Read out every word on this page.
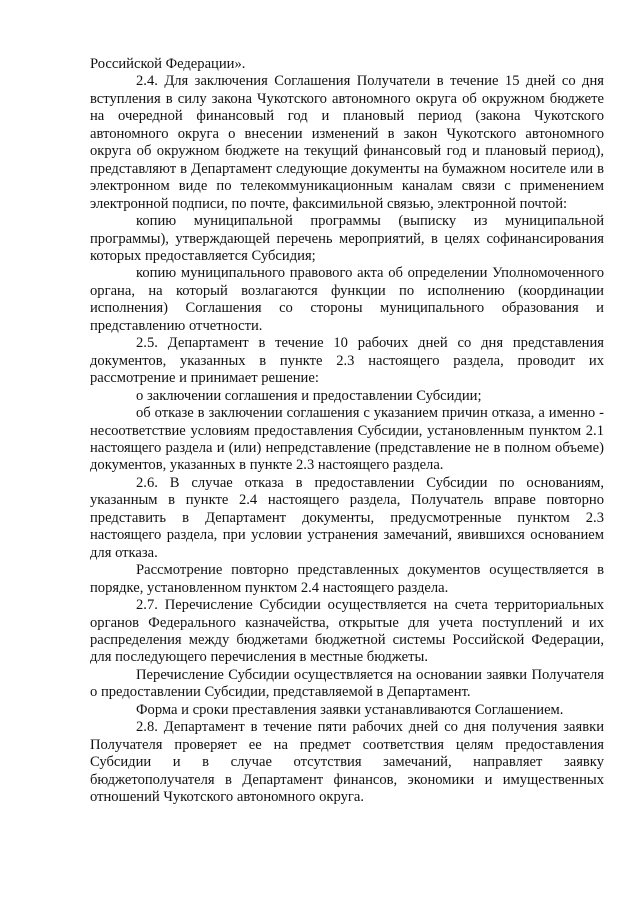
Российской Федерации».

2.4. Для заключения Соглашения Получатели в течение 15 дней со дня вступления в силу закона Чукотского автономного округа об окружном бюджете на очередной финансовый год и плановый период (закона Чукотского автономного округа о внесении изменений в закон Чукотского автономного округа об окружном бюджете на текущий финансовый год и плановый период), представляют в Департамент следующие документы на бумажном носителе или в электронном виде по телекоммуникационным каналам связи с применением электронной подписи, по почте, факсимильной связью, электронной почтой:

копию муниципальной программы (выписку из муниципальной программы), утверждающей перечень мероприятий, в целях софинансирования которых предоставляется Субсидия;

копию муниципального правового акта об определении Уполномоченного органа, на который возлагаются функции по исполнению (координации исполнения) Соглашения со стороны муниципального образования и представлению отчетности.

2.5. Департамент в течение 10 рабочих дней со дня представления документов, указанных в пункте 2.3 настоящего раздела, проводит их рассмотрение и принимает решение:

о заключении соглашения и предоставлении Субсидии;

об отказе в заключении соглашения с указанием причин отказа, а именно - несоответствие условиям предоставления Субсидии, установленным пунктом 2.1 настоящего раздела и (или) непредставление (представление не в полном объеме) документов, указанных в пункте 2.3 настоящего раздела.

2.6. В случае отказа в предоставлении Субсидии по основаниям, указанным в пункте 2.4 настоящего раздела, Получатель вправе повторно представить в Департамент документы, предусмотренные пунктом 2.3 настоящего раздела, при условии устранения замечаний, явившихся основанием для отказа.

Рассмотрение повторно представленных документов осуществляется в порядке, установленном пунктом 2.4 настоящего раздела.

2.7. Перечисление Субсидии осуществляется на счета территориальных органов Федерального казначейства, открытые для учета поступлений и их распределения между бюджетами бюджетной системы Российской Федерации, для последующего перечисления в местные бюджеты.

Перечисление Субсидии осуществляется на основании заявки Получателя о предоставлении Субсидии, представляемой в Департамент.

Форма и сроки преставления заявки устанавливаются Соглашением.

2.8. Департамент в течение пяти рабочих дней со дня получения заявки Получателя проверяет ее на предмет соответствия целям предоставления Субсидии и в случае отсутствия замечаний, направляет заявку бюджетополучателя в Департамент финансов, экономики и имущественных отношений Чукотского автономного округа.
